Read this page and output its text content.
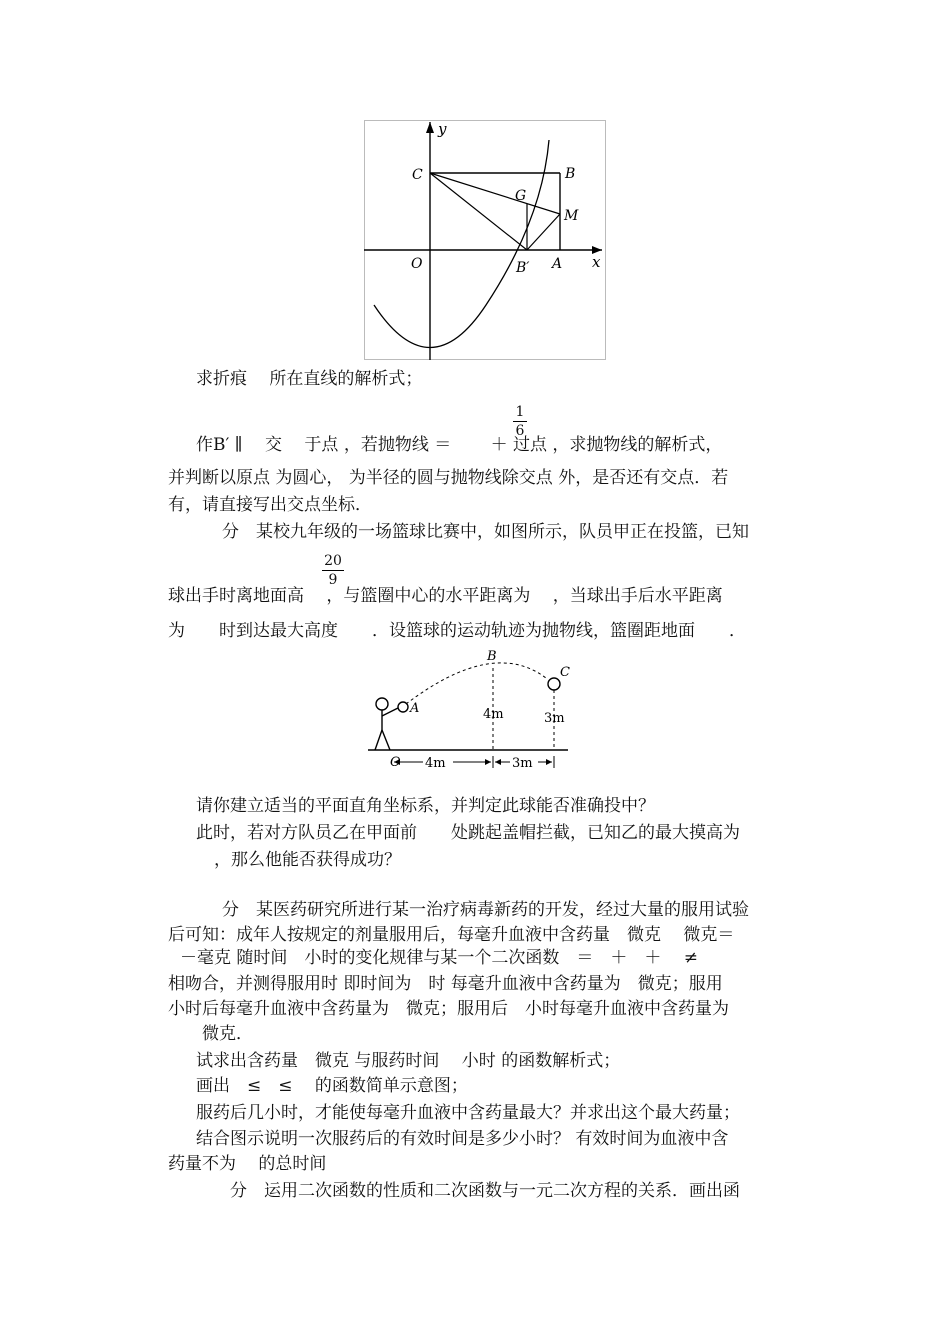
y
x
C	B
G
M
O	B′ A
求折痕　 所在直线的解析式；
1
6
作B′ ∥　 交　 于点 ，若抛物线 ＝　　 ＋ 过点 ，求抛物线的解析式，
并判断以原点 为圆心， 为半径的圆与抛物线除交点 外，是否还有交点．若
有，请直接写出交点坐标．
分　某校九年级的一场篮球比赛中，如图所示，队员甲正在投篮，已知
20
9
球出手时离地面高　 ，与篮圈中心的水平距离为　 ，当球出手后水平距离
为　　时到达最大高度　　．设篮球的运动轨迹为抛物线，篮圈距地面　　．
A
B
C
O
4m	3m
4m	3m
请你建立适当的平面直角坐标系，并判定此球能否准确投中？
此时，若对方队员乙在甲面前　　处跳起盖帽拦截，已知乙的最大摸高为
，那么他能否获得成功？
分　某医药研究所进行某一治疗病毒新药的开发，经过大量的服用试验
后可知：成年人按规定的剂量服用后，每毫升血液中含药量　微克　 微克＝
－毫克 随时间　小时的变化规律与某一个二次函数　＝　＋　＋　 ≠
相吻合，并测得服用时 即时间为　时 每毫升血液中含药量为　微克；服用
小时后每毫升血液中含药量为　微克；服用后　小时每毫升血液中含药量为
微克．
试求出含药量　微克 与服药时间　 小时 的函数解析式；
画出　≤　≤　 的函数简单示意图；
服药后几小时，才能使每毫升血液中含药量最大？并求出这个最大药量；
结合图示说明一次服药后的有效时间是多少小时？ 有效时间为血液中含
药量不为　 的总时间
分　运用二次函数的性质和二次函数与一元二次方程的关系．画出函
